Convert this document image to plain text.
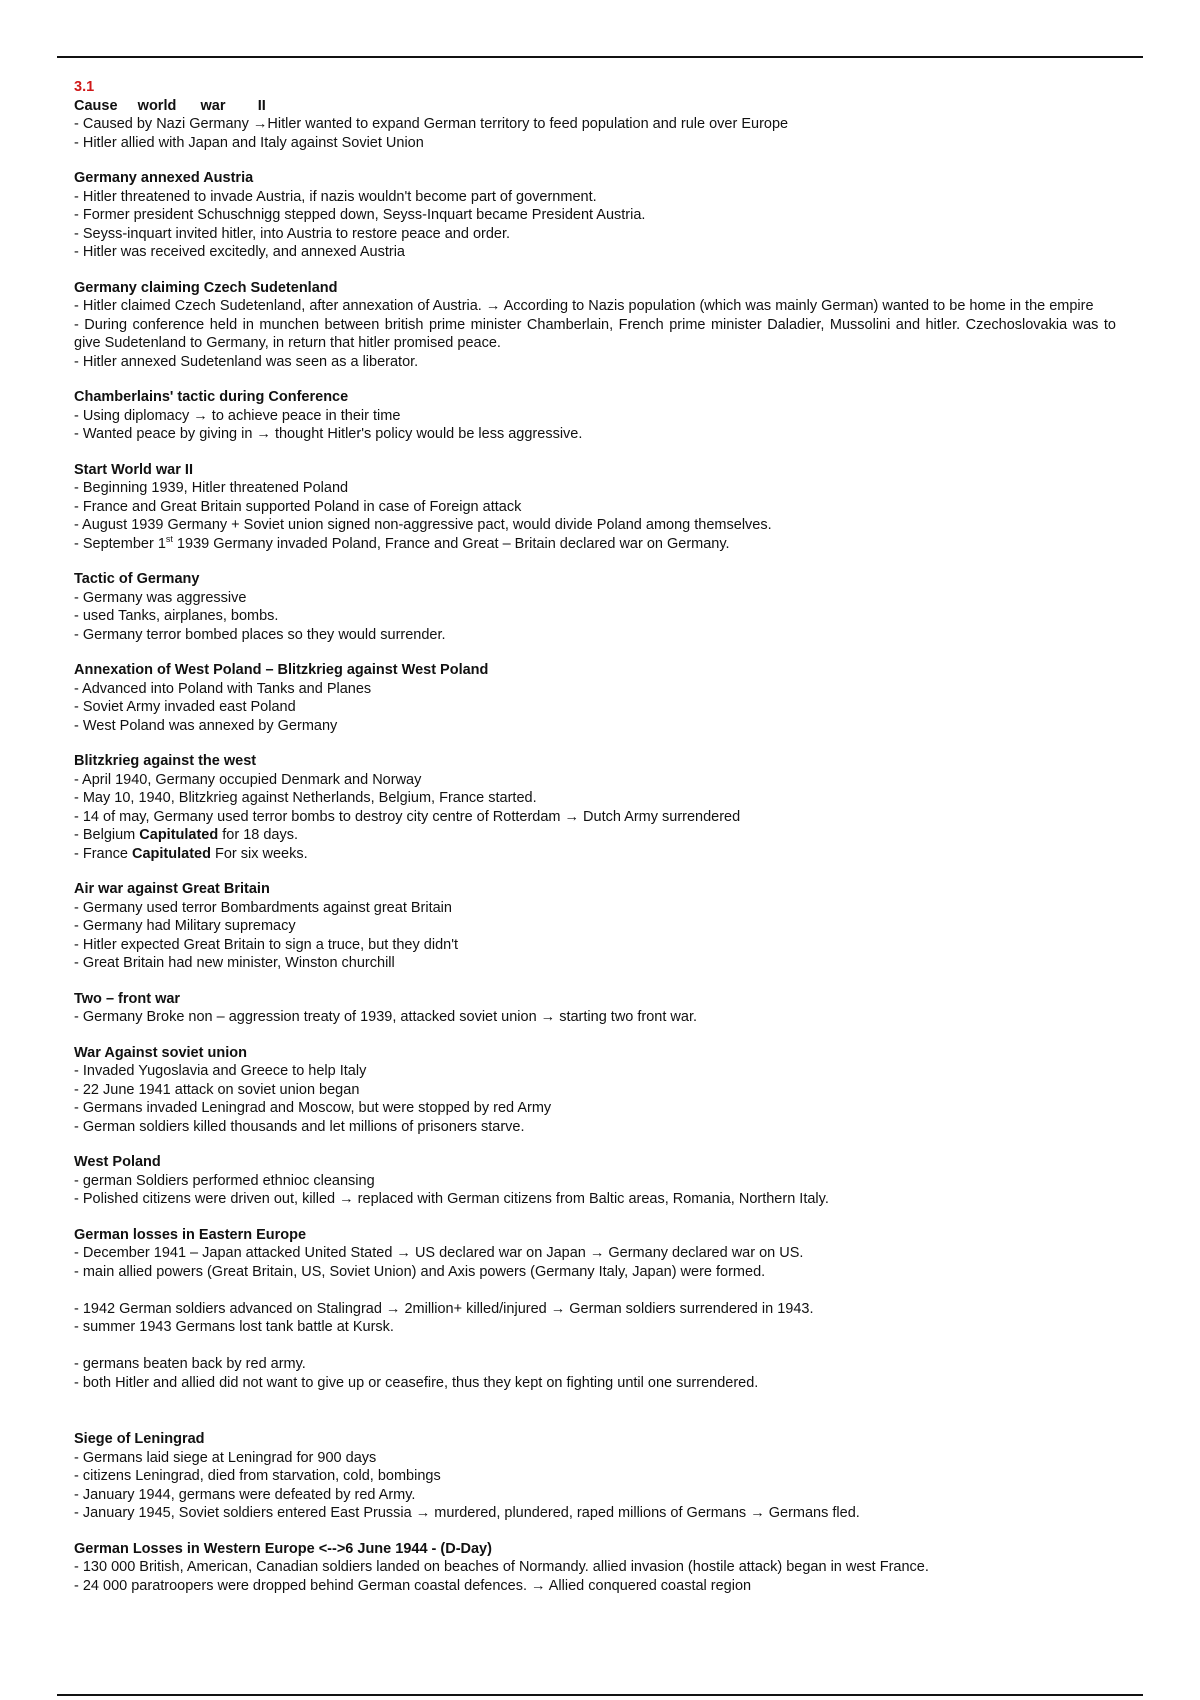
3.1
Cause     world      war        II
- Caused by Nazi Germany →Hitler wanted to expand German territory to feed population and rule over Europe
- Hitler allied with Japan and Italy against Soviet Union
Germany annexed Austria
- Hitler threatened to invade Austria, if nazis wouldn't become part of government.
- Former president Schuschnigg stepped down, Seyss-Inquart became President Austria.
- Seyss-inquart invited hitler, into Austria to restore peace and order.
- Hitler was received excitedly, and annexed Austria
Germany claiming Czech Sudetenland
- Hitler claimed Czech Sudetenland, after annexation of Austria. → According to Nazis population (which was mainly German) wanted to be home in the empire
- During conference held in munchen between british prime minister Chamberlain, French prime minister Daladier, Mussolini and hitler. Czechoslovakia was to give Sudetenland to Germany, in return that hitler promised peace.
- Hitler annexed Sudetenland was seen as a liberator.
Chamberlains' tactic during Conference
- Using diplomacy → to achieve peace in their time
- Wanted peace by giving in → thought Hitler's policy would be less aggressive.
Start World war II
- Beginning 1939, Hitler threatened Poland
- France and Great Britain supported Poland in case of Foreign attack
- August 1939 Germany + Soviet union signed non-aggressive pact, would divide Poland among themselves.
- September 1st 1939 Germany invaded Poland, France and Great – Britain declared war on Germany.
Tactic of Germany
- Germany was aggressive
- used Tanks, airplanes, bombs.
- Germany terror bombed places so they would surrender.
Annexation of West Poland – Blitzkrieg against West Poland
- Advanced into Poland with Tanks and Planes
- Soviet Army invaded east Poland
- West Poland was annexed by Germany
Blitzkrieg against the west
- April 1940, Germany occupied Denmark and Norway
- May 10, 1940, Blitzkrieg against Netherlands, Belgium, France started.
- 14 of may, Germany used terror bombs to destroy city centre of Rotterdam → Dutch Army surrendered
- Belgium Capitulated for 18 days.
- France Capitulated For six weeks.
Air war against Great Britain
- Germany used terror Bombardments against great Britain
- Germany had Military supremacy
- Hitler expected Great Britain to sign a truce, but they didn't
- Great Britain had new minister, Winston churchill
Two – front war
- Germany Broke non – aggression treaty of 1939, attacked soviet union → starting two front war.
War Against soviet union
- Invaded Yugoslavia and Greece to help Italy
- 22 June 1941 attack on soviet union began
- Germans invaded Leningrad and Moscow, but were stopped by red Army
- German soldiers killed thousands and let millions of prisoners starve.
West Poland
- german Soldiers performed ethnioc cleansing
- Polished citizens were driven out, killed → replaced with German citizens from Baltic areas, Romania, Northern Italy.
German losses in Eastern Europe
- December 1941 – Japan attacked United Stated → US declared war on Japan → Germany declared war on US.
- main allied powers (Great Britain, US, Soviet Union) and Axis powers (Germany Italy, Japan) were formed.
- 1942 German soldiers advanced on Stalingrad → 2million+ killed/injured → German soldiers surrendered in 1943.
- summer 1943 Germans lost tank battle at Kursk.
- germans beaten back by red army.
- both Hitler and allied did not want to give up or ceasefire, thus they kept on fighting until one surrendered.
Siege of Leningrad
- Germans laid siege at Leningrad for 900 days
- citizens Leningrad, died from starvation, cold, bombings
- January 1944, germans were defeated by red Army.
- January 1945, Soviet soldiers entered East Prussia → murdered, plundered, raped millions of Germans → Germans fled.
German Losses in Western Europe <-->6 June 1944 - (D-Day)
- 130 000 British, American, Canadian soldiers landed on beaches of Normandy. allied invasion (hostile attack) began in west France.
- 24 000 paratroopers were dropped behind German coastal defences. → Allied conquered coastal region
